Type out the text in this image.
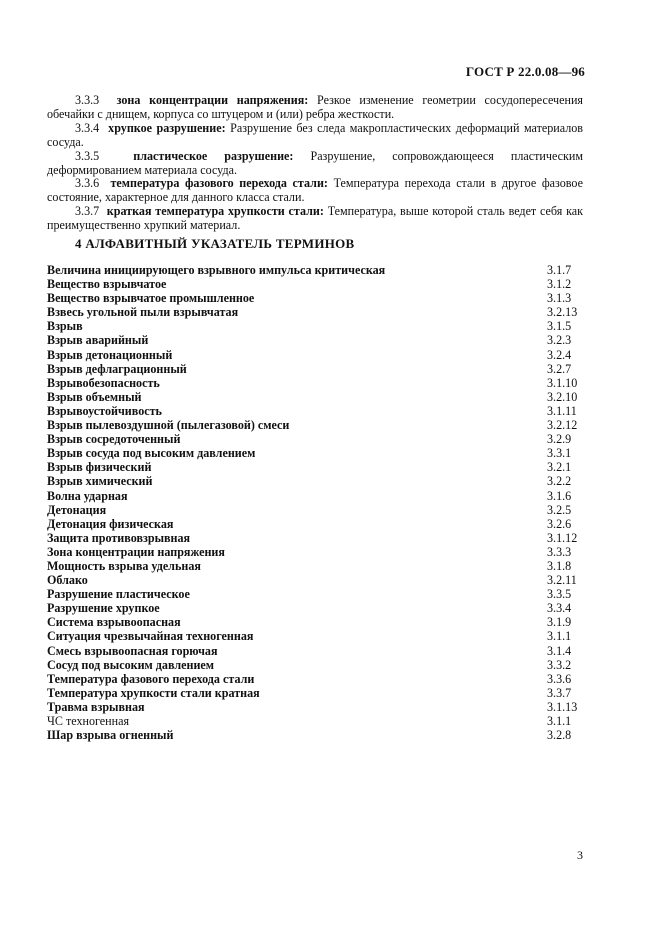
ГОСТ Р 22.0.08—96

3.3.3 зона концентрации напряжения: Резкое изменение геометрии сосудопересечения обечайки с днищем, корпуса со штуцером и (или) ребра жесткости.

3.3.4 хрупкое разрушение: Разрушение без следа макропластических деформаций материалов сосуда.

3.3.5	пластическое разрушение: Разрушение, сопровождающееся пластическим деформированием материала сосуда.

3.3.6 температура фазового перехода стали: Температура перехода стали в другое фазовое состояние, характерное для данного класса стали.

3.3.7 краткая температура хрупкости стали: Температура, выше которой сталь ведет себя как преимущественно хрупкий материал.

4 АЛФАВИТНЫЙ УКАЗАТЕЛЬ ТЕРМИНОВ
Величина инициирующего взрывного импульса критическая	3.1.7
Вещество взрывчатое	3.1.2
Вещество взрывчатое промышленное	3.1.3
Взвесь угольной пыли взрывчатая	3.2.13
Взрыв	3.1.5
Взрыв аварийный	3.2.3
Взрыв детонационный	3.2.4
Взрыв дефлаграционный	3.2.7
Взрывобезопасность	3.1.10
Взрыв объемный	3.2.10
Взрывоустойчивость	3.1.11
Взрыв пылевоздушной (пылегазовой) смеси	3.2.12
Взрыв сосредоточенный	3.2.9
Взрыв сосуда под высоким давлением	3.3.1
Взрыв физический	3.2.1
Взрыв химический	3.2.2
Волна ударная	3.1.6
Детонация	3.2.5
Детонация физическая	3.2.6
Защита противовзрывная	3.1.12
Зона концентрации напряжения	3.3.3
Мощность взрыва удельная	3.1.8
Облако	3.2.11
Разрушение пластическое	3.3.5
Разрушение хрупкое	3.3.4
Система взрывоопасная	3.1.9
Ситуация чрезвычайная техногенная	3.1.1
Смесь взрывоопасная горючая	3.1.4
Сосуд под высоким давлением	3.3.2
Температура фазового перехода стали	3.3.6
Температура хрупкости стали кратная	3.3.7
Травма взрывная	3.1.13
ЧС техногенная	3.1.1
Шар взрыва огненный	3.2.8
3
